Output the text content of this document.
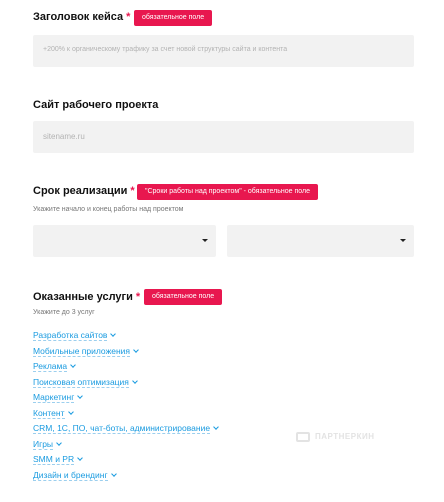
Заголовок кейса *	обязательное поле
+200% к органическому трафику за счет новой структуры сайта и контента
Сайт рабочего проекта
sitename.ru
Срок реализации *	"Сроки работы над проектом" - обязательное поле
Укажите начало и конец работы над проектом
Оказанные услуги *	обязательное поле
Укажите до 3 услуг
Разработка сайтов
Мобильные приложения
Реклама
Поисковая оптимизация
Маркетинг
Контент
CRM, 1С, ПО, чат-боты, администрирование
Игры
SMM и PR
Дизайн и брендинг
ПАРТНЕРКИН
